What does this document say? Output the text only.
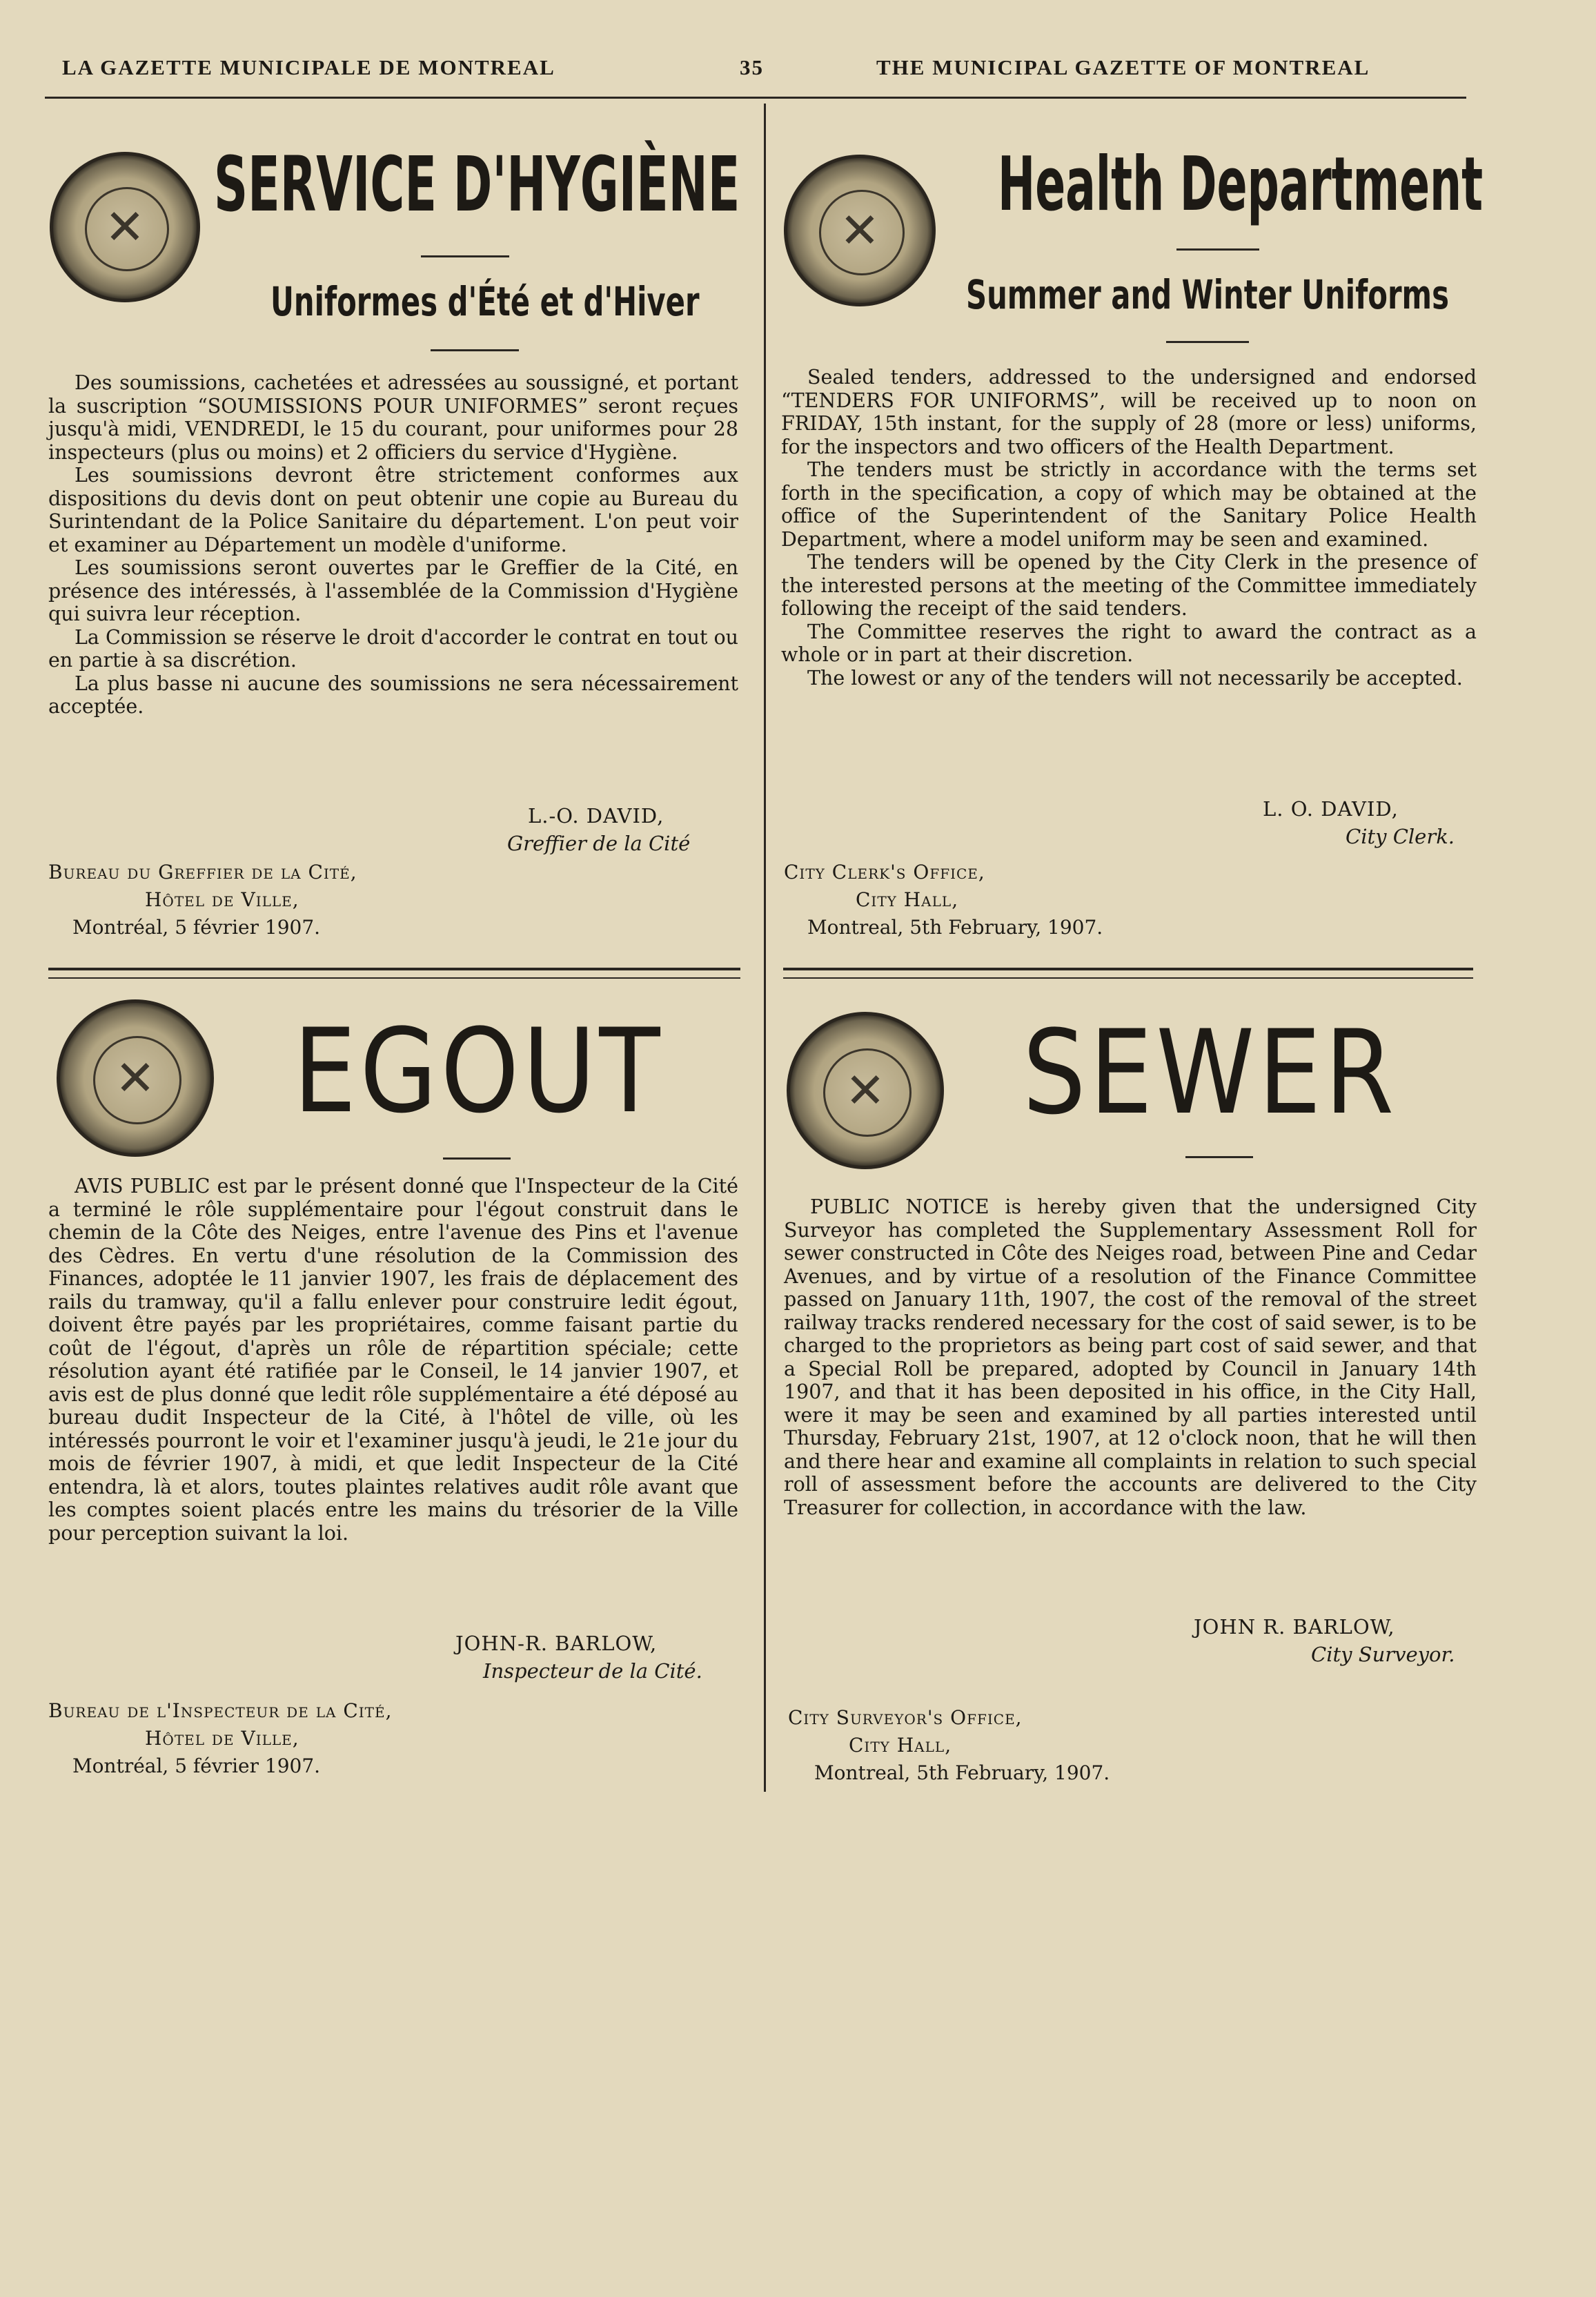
LA GAZETTE MUNICIPALE DE MONTREAL	35	THE MUNICIPAL GAZETTE OF MONTREAL
✕
SERVICE D'HYGIÈNE
Uniformes d'Été et d'Hiver

Des soumissions, cachetées et adressées au soussigné, et portant la suscription “SOUMISSIONS POUR UNIFORMES” seront reçues jusqu'à midi, VENDREDI, le 15 du courant, pour uniformes pour 28 inspecteurs (plus ou moins) et 2 officiers du service d'Hygiène.

Les soumissions devront être strictement conformes aux dispositions du devis dont on peut obtenir une copie au Bureau du Surintendant de la Police Sanitaire du département. L'on peut voir et examiner au Département un modèle d'uniforme.

Les soumissions seront ouvertes par le Greffier de la Cité, en présence des intéressés, à l'assemblée de la Commission d'Hygiène qui suivra leur réception.

La Commission se réserve le droit d'accorder le contrat en tout ou en partie à sa discrétion.

La plus basse ni aucune des soumissions ne sera nécessairement acceptée.

L.-O. DAVID,
Greffier de la Cité
Bureau du Greffier de la Cité,
Hôtel de Ville,
Montréal, 5 février 1907.
✕
Health Department
Summer and Winter Uniforms

Sealed tenders, addressed to the undersigned and endorsed “TENDERS FOR UNIFORMS”, will be received up to noon on FRIDAY, 15th instant, for the supply of 28 (more or less) uniforms, for the inspectors and two officers of the Health Department.

The tenders must be strictly in accordance with the terms set forth in the specification, a copy of which may be obtained at the office of the Superintendent of the Sanitary Police Health Department, where a model uniform may be seen and examined.

The tenders will be opened by the City Clerk in the presence of the interested persons at the meeting of the Committee immediately following the receipt of the said tenders.

The Committee reserves the right to award the contract as a whole or in part at their discretion.

The lowest or any of the tenders will not necessarily be accepted.

L. O. DAVID,
City Clerk.
City Clerk's Office,
City Hall,
Montreal, 5th February, 1907.
✕
EGOUT

AVIS PUBLIC est par le présent donné que l'Inspecteur de la Cité a terminé le rôle supplémentaire pour l'égout construit dans le chemin de la Côte des Neiges, entre l'avenue des Pins et l'avenue des Cèdres. En vertu d'une résolution de la Commission des Finances, adoptée le 11 janvier 1907, les frais de déplacement des rails du tramway, qu'il a fallu enlever pour construire ledit égout, doivent être payés par les propriétaires, comme faisant partie du coût de l'égout, d'après un rôle de répartition spéciale; cette résolution ayant été ratifiée par le Conseil, le 14 janvier 1907, et avis est de plus donné que ledit rôle supplémentaire a été déposé au bureau dudit Inspecteur de la Cité, à l'hôtel de ville, où les intéressés pourront le voir et l'examiner jusqu'à jeudi, le 21e jour du mois de février 1907, à midi, et que ledit Inspecteur de la Cité entendra, là et alors, toutes plaintes relatives audit rôle avant que les comptes soient placés entre les mains du trésorier de la Ville pour perception suivant la loi.

JOHN-R. BARLOW,
Inspecteur de la Cité.
Bureau de l'Inspecteur de la Cité,
Hôtel de Ville,
Montréal, 5 février 1907.
✕
SEWER

PUBLIC NOTICE is hereby given that the undersigned City Surveyor has completed the Supplementary Assessment Roll for sewer constructed in Côte des Neiges road, between Pine and Cedar Avenues, and by virtue of a resolution of the Finance Committee passed on January 11th, 1907, the cost of the removal of the street railway tracks rendered necessary for the cost of said sewer, is to be charged to the proprietors as being part cost of said sewer, and that a Special Roll be prepared, adopted by Council in January 14th 1907, and that it has been deposited in his office, in the City Hall, were it may be seen and examined by all parties interested until Thursday, February 21st, 1907, at 12 o'clock noon, that he will then and there hear and examine all complaints in relation to such special roll of assessment before the accounts are delivered to the City Treasurer for collection, in accordance with the law.

JOHN R. BARLOW,
City Surveyor.
City Surveyor's Office,
City Hall,
Montreal, 5th February, 1907.
